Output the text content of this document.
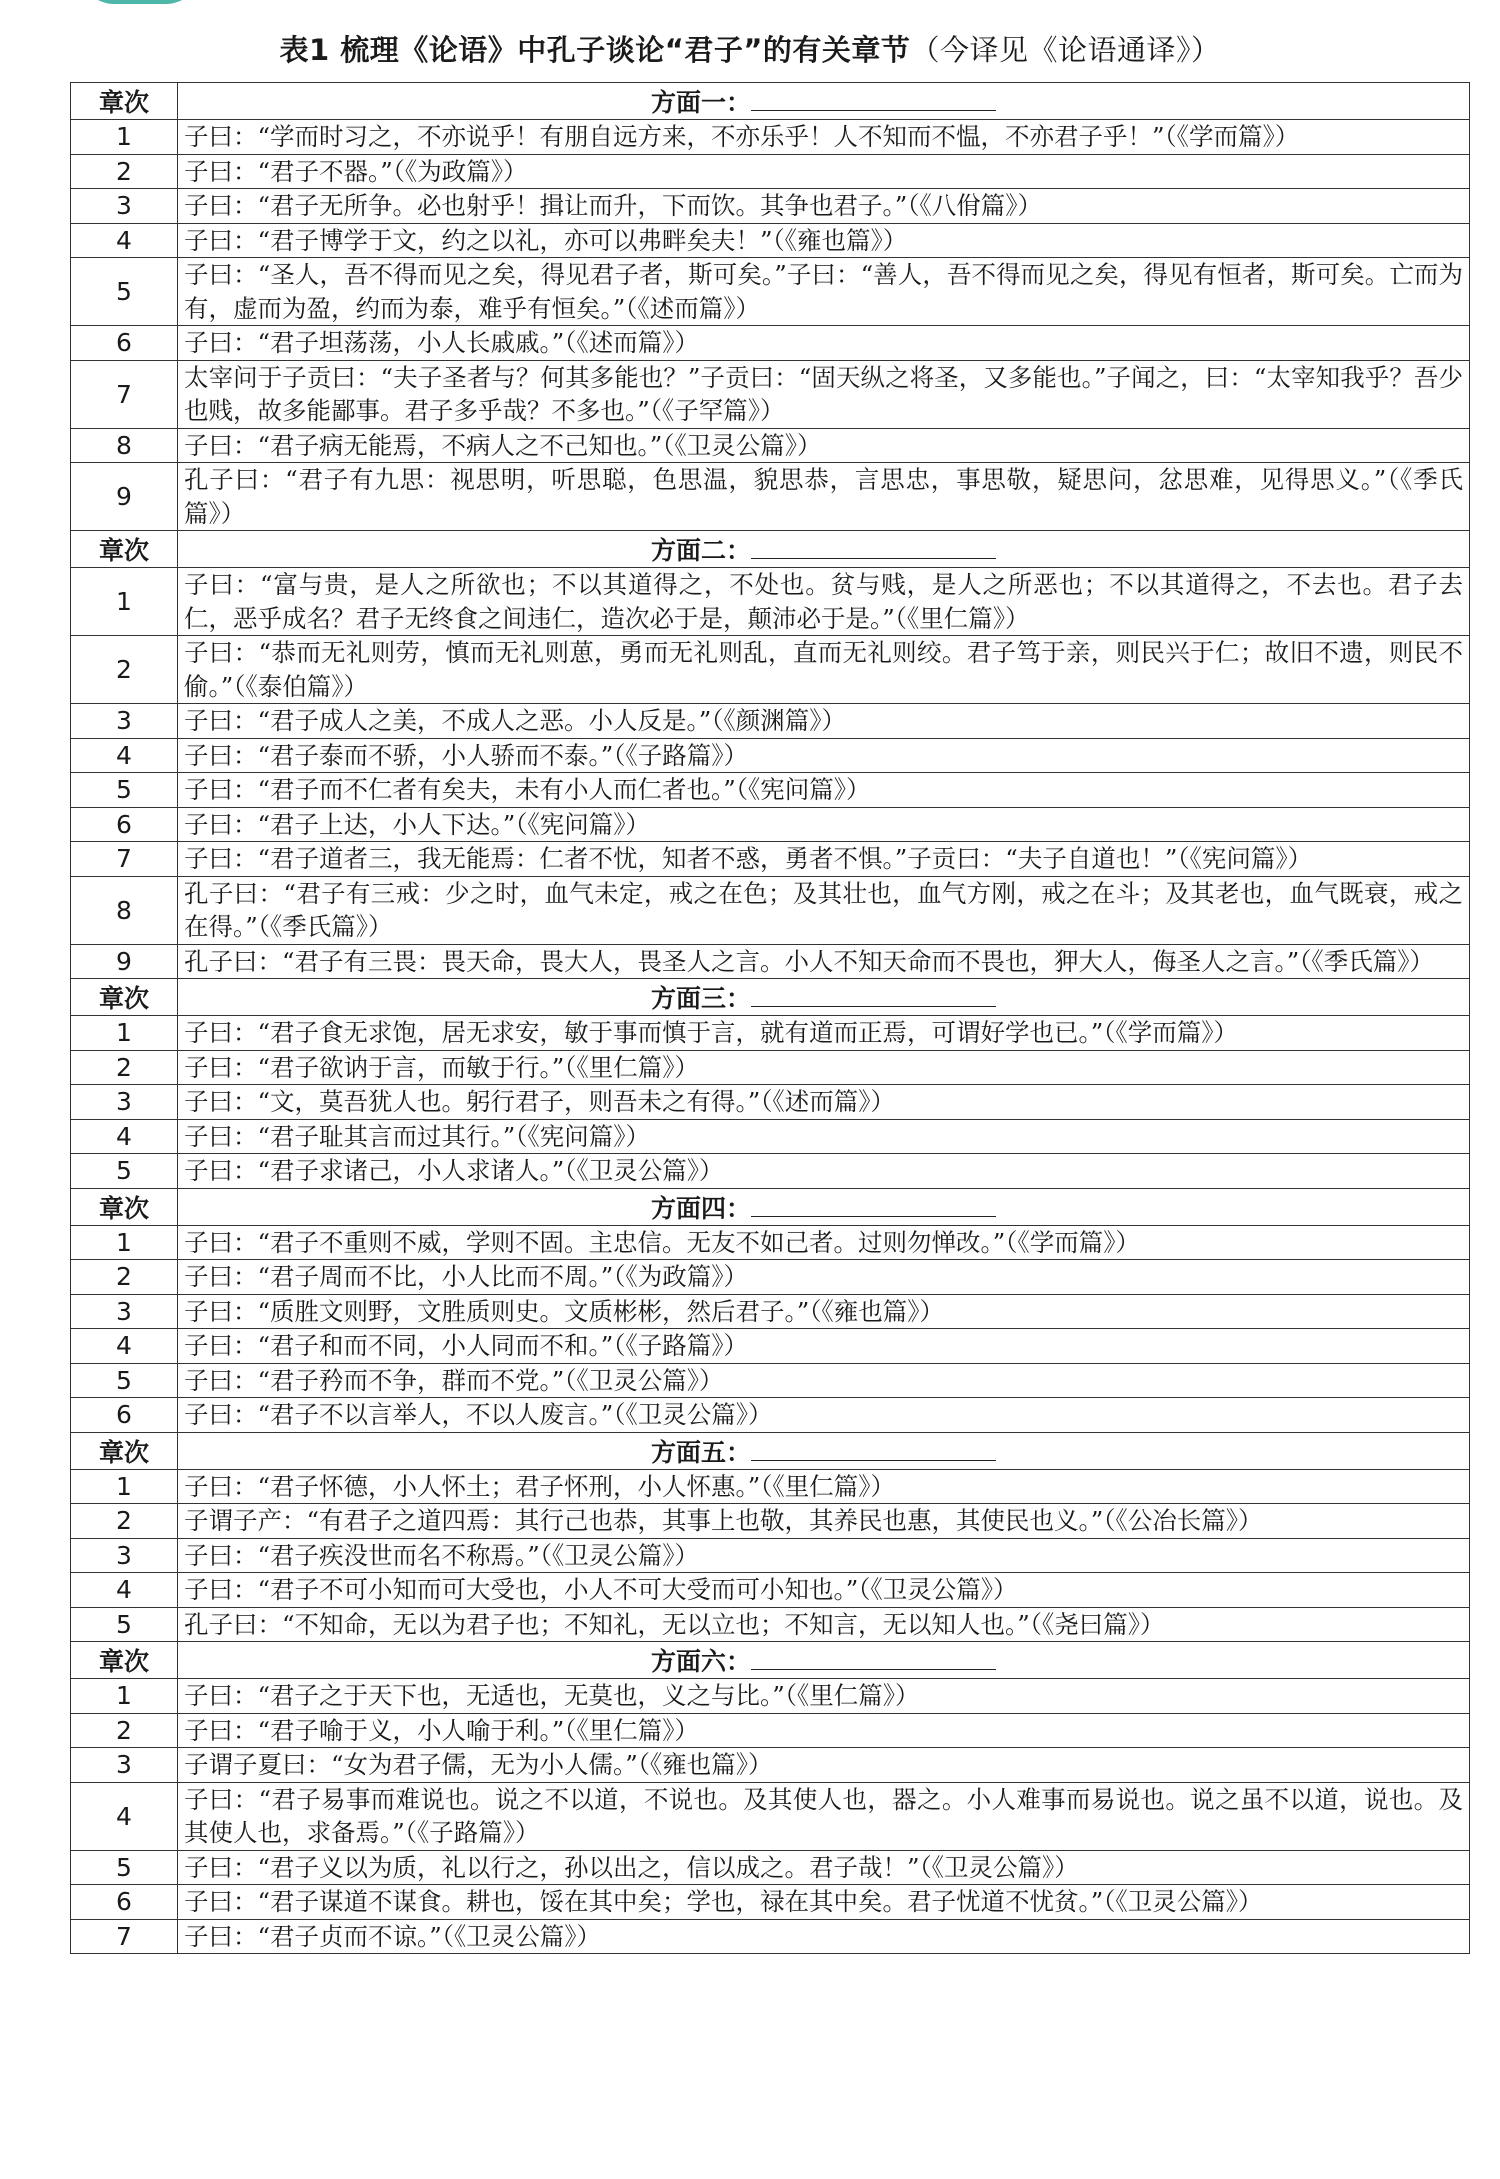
表1 梳理《论语》中孔子谈论“君子”的有关章节（今译见《论语通译》）
章次	方面一：
1	子曰：“学而时习之，不亦说乎！有朋自远方来，不亦乐乎！人不知而不愠，不亦君子乎！”（《学而篇》）
2	子曰：“君子不器。”（《为政篇》）
3	子曰：“君子无所争。必也射乎！揖让而升，下而饮。其争也君子。”（《八佾篇》）
4	子曰：“君子博学于文，约之以礼，亦可以弗畔矣夫！”（《雍也篇》）
5	子曰：“圣人，吾不得而见之矣，得见君子者，斯可矣。”子曰：“善人，吾不得而见之矣，得见有恒者，斯可矣。亡而为有，虚而为盈，约而为泰，难乎有恒矣。”（《述而篇》）
6	子曰：“君子坦荡荡，小人长戚戚。”（《述而篇》）
7	太宰问于子贡曰：“夫子圣者与？何其多能也？”子贡曰：“固天纵之将圣，又多能也。”子闻之，曰：“太宰知我乎？吾少也贱，故多能鄙事。君子多乎哉？不多也。”（《子罕篇》）
8	子曰：“君子病无能焉，不病人之不己知也。”（《卫灵公篇》）
9	孔子曰：“君子有九思：视思明，听思聪，色思温，貌思恭，言思忠，事思敬，疑思问，忿思难，见得思义。”（《季氏篇》）
章次	方面二：
1	子曰：“富与贵，是人之所欲也；不以其道得之，不处也。贫与贱，是人之所恶也；不以其道得之，不去也。君子去仁，恶乎成名？君子无终食之间违仁，造次必于是，颠沛必于是。”（《里仁篇》）
2	子曰：“恭而无礼则劳，慎而无礼则葸，勇而无礼则乱，直而无礼则绞。君子笃于亲，则民兴于仁；故旧不遗，则民不偷。”（《泰伯篇》）
3	子曰：“君子成人之美，不成人之恶。小人反是。”（《颜渊篇》）
4	子曰：“君子泰而不骄，小人骄而不泰。”（《子路篇》）
5	子曰：“君子而不仁者有矣夫，未有小人而仁者也。”（《宪问篇》）
6	子曰：“君子上达，小人下达。”（《宪问篇》）
7	子曰：“君子道者三，我无能焉：仁者不忧，知者不惑，勇者不惧。”子贡曰：“夫子自道也！”（《宪问篇》）
8	孔子曰：“君子有三戒：少之时，血气未定，戒之在色；及其壮也，血气方刚，戒之在斗；及其老也，血气既衰，戒之在得。”（《季氏篇》）
9	孔子曰：“君子有三畏：畏天命，畏大人，畏圣人之言。小人不知天命而不畏也，狎大人，侮圣人之言。”（《季氏篇》）
章次	方面三：
1	子曰：“君子食无求饱，居无求安，敏于事而慎于言，就有道而正焉，可谓好学也已。”（《学而篇》）
2	子曰：“君子欲讷于言，而敏于行。”（《里仁篇》）
3	子曰：“文，莫吾犹人也。躬行君子，则吾未之有得。”（《述而篇》）
4	子曰：“君子耻其言而过其行。”（《宪问篇》）
5	子曰：“君子求诸己，小人求诸人。”（《卫灵公篇》）
章次	方面四：
1	子曰：“君子不重则不威，学则不固。主忠信。无友不如己者。过则勿惮改。”（《学而篇》）
2	子曰：“君子周而不比，小人比而不周。”（《为政篇》）
3	子曰：“质胜文则野，文胜质则史。文质彬彬，然后君子。”（《雍也篇》）
4	子曰：“君子和而不同，小人同而不和。”（《子路篇》）
5	子曰：“君子矜而不争，群而不党。”（《卫灵公篇》）
6	子曰：“君子不以言举人，不以人废言。”（《卫灵公篇》）
章次	方面五：
1	子曰：“君子怀德，小人怀土；君子怀刑，小人怀惠。”（《里仁篇》）
2	子谓子产：“有君子之道四焉：其行己也恭，其事上也敬，其养民也惠，其使民也义。”（《公冶长篇》）
3	子曰：“君子疾没世而名不称焉。”（《卫灵公篇》）
4	子曰：“君子不可小知而可大受也，小人不可大受而可小知也。”（《卫灵公篇》）
5	孔子曰：“不知命，无以为君子也；不知礼，无以立也；不知言，无以知人也。”（《尧曰篇》）
章次	方面六：
1	子曰：“君子之于天下也，无适也，无莫也，义之与比。”（《里仁篇》）
2	子曰：“君子喻于义，小人喻于利。”（《里仁篇》）
3	子谓子夏曰：“女为君子儒，无为小人儒。”（《雍也篇》）
4	子曰：“君子易事而难说也。说之不以道，不说也。及其使人也，器之。小人难事而易说也。说之虽不以道，说也。及其使人也，求备焉。”（《子路篇》）
5	子曰：“君子义以为质，礼以行之，孙以出之，信以成之。君子哉！”（《卫灵公篇》）
6	子曰：“君子谋道不谋食。耕也，馁在其中矣；学也，禄在其中矣。君子忧道不忧贫。”（《卫灵公篇》）
7	子曰：“君子贞而不谅。”（《卫灵公篇》）
